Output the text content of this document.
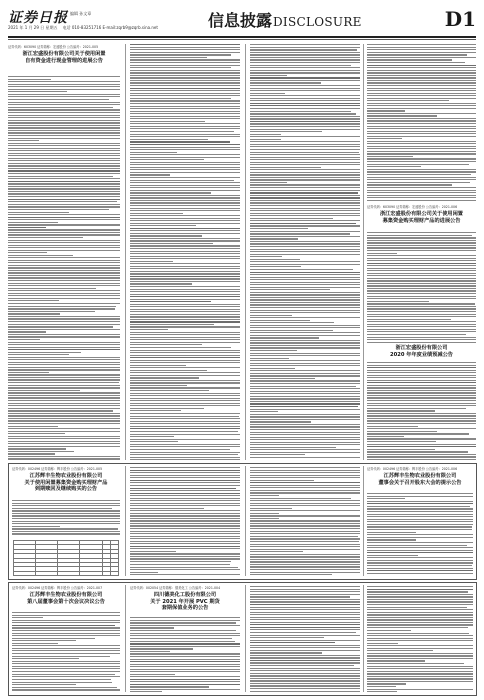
证券日报 编辑 孙文章
2021 年 1 月 29 日 星期五 电话 010-83251716 E-mail:zqrb9@zqrb.sina.net	信息披露DISCLOSURE	D1
证券代码：603090 证券简称：宏盛股份 公告编号：2021-005
浙江宏盛股份有限公司关于使用闲置
自有资金进行现金管理的进展公告
证券代码：603090 证券简称：宏盛股份 公告编号：2021-006
浙江宏盛股份有限公司关于使用闲置
募集资金购买理财产品的进展公告
浙江宏盛股份有限公司
2020 年年度业绩预减公告
证券代码：002496 证券简称：辉丰股份 公告编号：2021-005
江苏辉丰生物农业股份有限公司
关于使用闲置募集资金购买理财产品
到期赎回及继续购买的公告

证券代码：002496 证券简称：辉丰股份 公告编号：2021-006
江苏辉丰生物农业股份有限公司
董事会关于召开股东大会的提示公告
证券代码：002496 证券简称：辉丰股份 公告编号：2021-007
江苏辉丰生物农业股份有限公司
第八届董事会第十次会议决议公告
证券代码：002054 证券简称：德美化工 公告编号：2021-004
四川德美化工股份有限公司
关于 2021 年开展 PVC 期货
套期保值业务的公告
